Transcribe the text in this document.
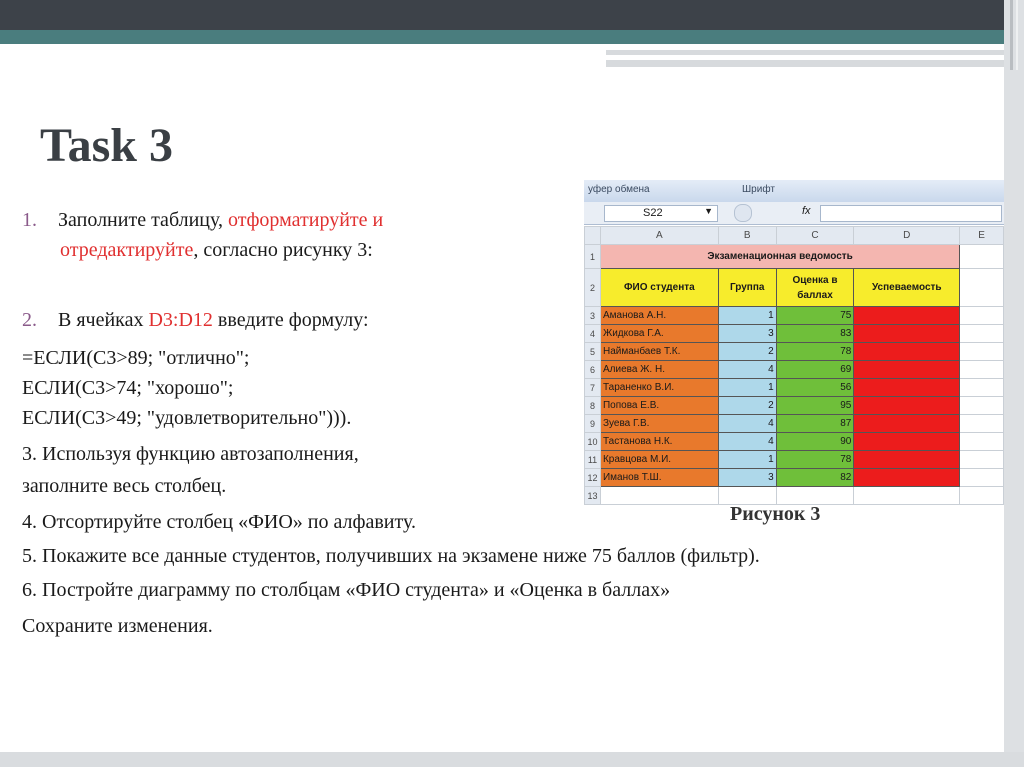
Task 3
1. Заполните таблицу, отформатируйте и
отредактируйте, согласно рисунку 3:
2. В ячейках D3:D12 введите формулу:
=ЕСЛИ(C3>89; "отлично";
ЕСЛИ(C3>74; "хорошо";
ЕСЛИ(C3>49; "удовлетворительно"))).
3. Используя функцию автозаполнения,
заполните весь столбец.
4. Отсортируйте столбец «ФИО» по алфавиту.
5. Покажите все данные студентов, получивших на экзамене ниже 75 баллов (фильтр).
6. Постройте диаграмму по столбцам «ФИО студента» и «Оценка в баллах»
Сохраните изменения.
уфер обмена	Шрифт
S22	▼	fx
	A	B	C	D	E
1	Экзаменационная ведомость				
2	ФИО студента	Группа	Оценка в баллах	Успеваемость	
3	Аманова А.Н.	1	75		
4	Жидкова Г.А.	3	83		
5	Найманбаев Т.К.	2	78		
6	Алиева Ж. Н.	4	69		
7	Тараненко В.И.	1	56		
8	Попова Е.В.	2	95		
9	Зуева Г.В.	4	87		
10	Тастанова Н.К.	4	90		
11	Кравцова М.И.	1	78		
12	Иманов Т.Ш.	3	82		
13					
Рисунок 3
